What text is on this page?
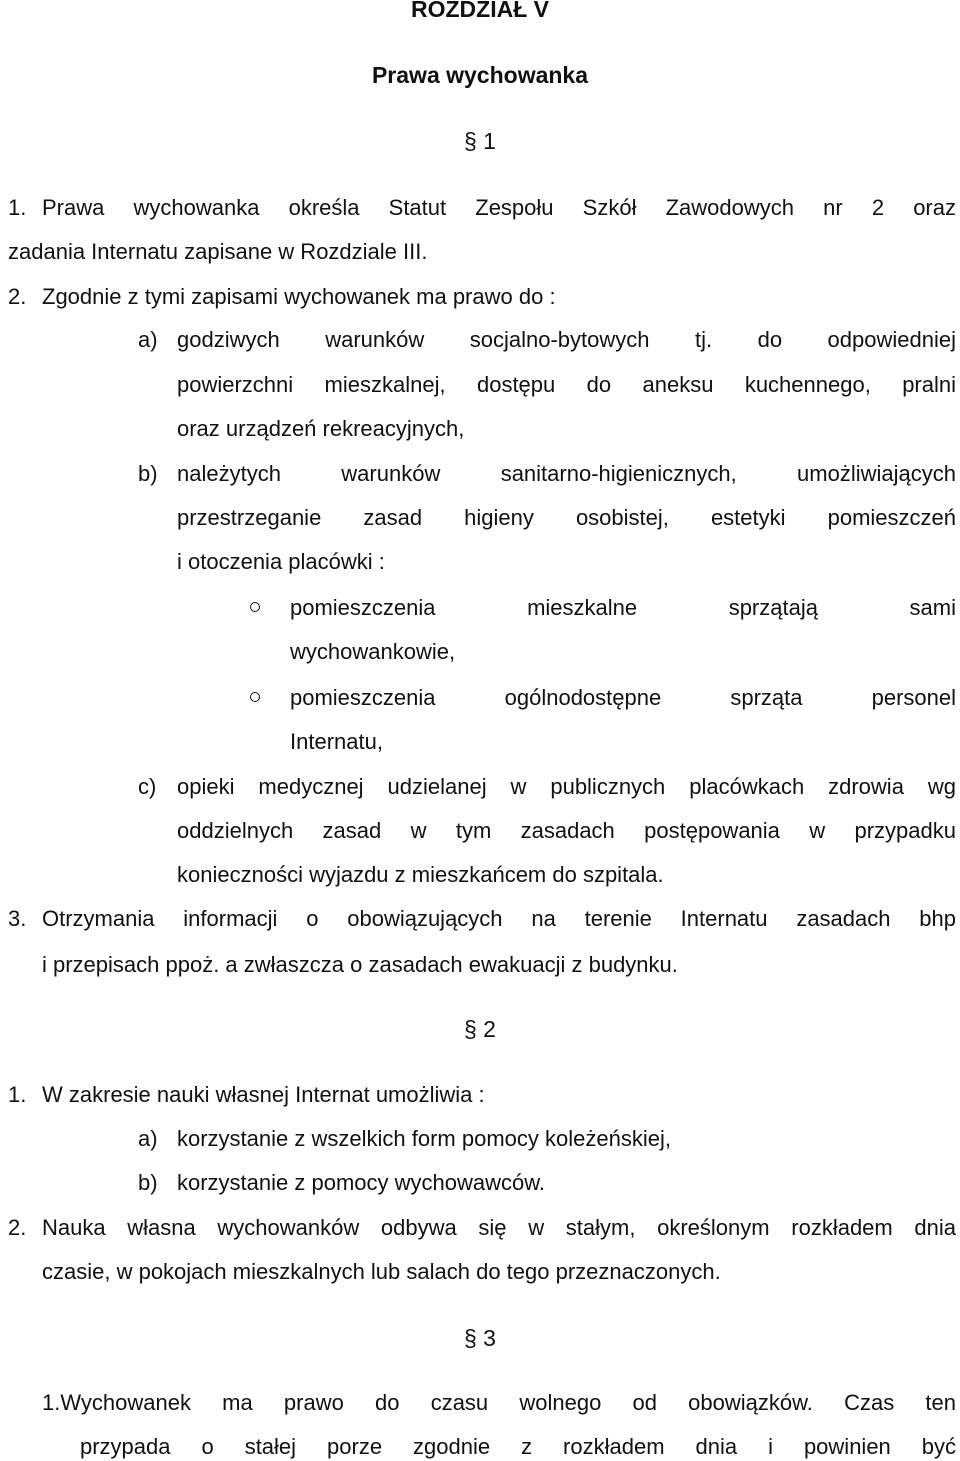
ROZDZIAŁ V
Prawa wychowanka
§ 1
1. Prawa wychowanka określa Statut Zespołu Szkół Zawodowych nr 2 oraz
zadania Internatu zapisane w Rozdziale III.
2. Zgodnie z tymi zapisami wychowanek ma prawo do :
a) godziwych warunków socjalno-bytowych tj. do odpowiedniej
powierzchni mieszkalnej, dostępu do aneksu kuchennego, pralni
oraz urządzeń rekreacyjnych,
b) należytych warunków sanitarno-higienicznych, umożliwiających
przestrzeganie zasad higieny osobistej, estetyki pomieszczeń
i otoczenia placówki :
pomieszczenia mieszkalne sprzątają sami
wychowankowie,
pomieszczenia ogólnodostępne sprząta personel
Internatu,
c) opieki medycznej udzielanej w publicznych placówkach zdrowia wg
oddzielnych zasad w tym zasadach postępowania w przypadku
konieczności wyjazdu z mieszkańcem do szpitala.
3. Otrzymania informacji o obowiązujących na terenie Internatu zasadach bhp
i przepisach ppoż. a zwłaszcza o zasadach ewakuacji z budynku.
§ 2
1. W zakresie nauki własnej Internat umożliwia :
a) korzystanie z wszelkich form pomocy koleżeńskiej,
b) korzystanie z pomocy wychowawców.
2. Nauka własna wychowanków odbywa się w stałym, określonym rozkładem dnia
czasie, w pokojach mieszkalnych lub salach do tego przeznaczonych.
§ 3
1.Wychowanek ma prawo do czasu wolnego od obowiązków. Czas ten
przypada o stałej porze zgodnie z rozkładem dnia i powinien być
